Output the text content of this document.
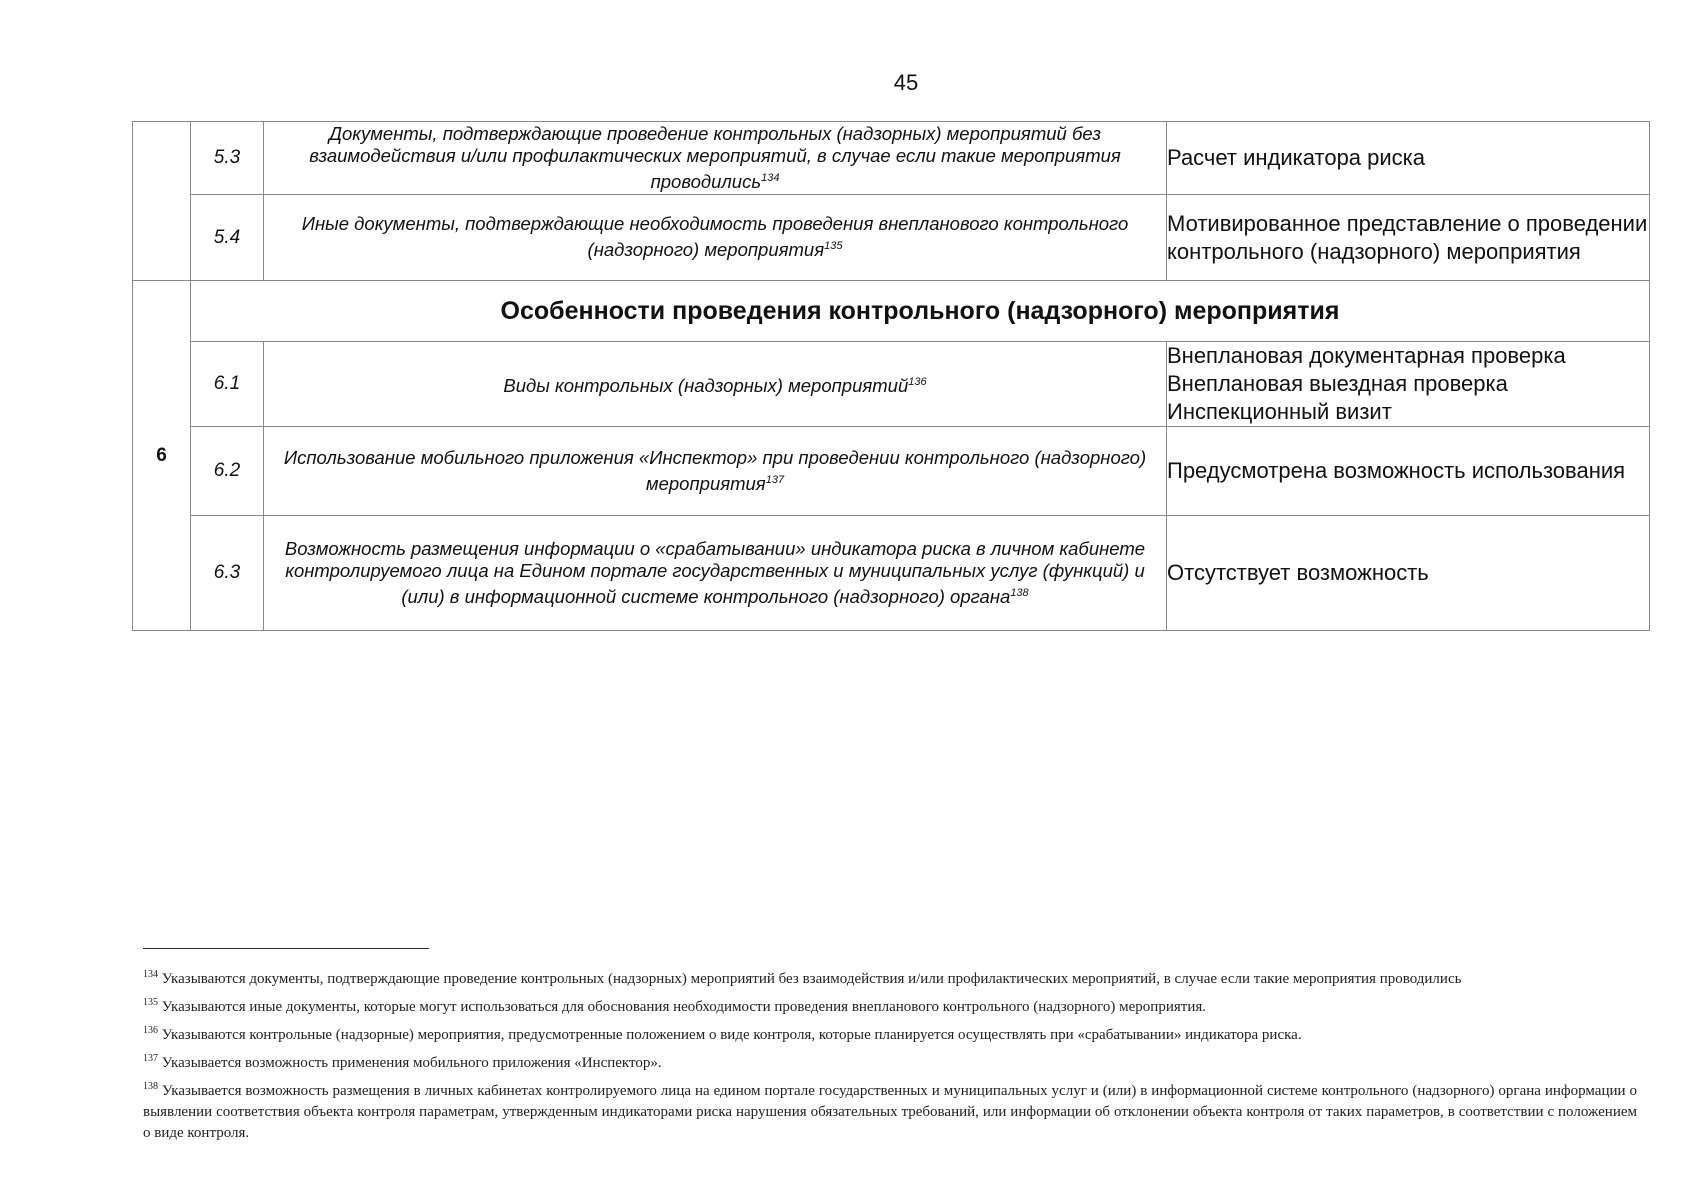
45
	5.3	Документы, подтверждающие проведение контрольных (надзорных) мероприятий без взаимодействия и/или профилактических мероприятий, в случае если такие мероприятия проводились$^{134}$	Расчет индикатора риска
	5.4	Иные документы, подтверждающие необходимость проведения внепланового контрольного (надзорного) мероприятия$^{135}$	Мотивированное представление о проведении контрольного (надзорного) мероприятия
6	Особенности проведения контрольного (надзорного) мероприятия		
	6.1	Виды контрольных (надзорных) мероприятий$^{136}$	Внеплановая документарная проверка
Внеплановая выездная проверка
Инспекционный визит
	6.2	Использование мобильного приложения «Инспектор» при проведении контрольного (надзорного) мероприятия$^{137}$	Предусмотрена возможность использования
	6.3	Возможность размещения информации о «срабатывании» индикатора риска в личном кабинете контролируемого лица на Едином портале государственных и муниципальных услуг (функций) и (или) в информационной системе контрольного (надзорного) органа$^{138}$	Отсутствует возможность

$^{134}$ Указываются документы, подтверждающие проведение контрольных (надзорных) мероприятий без взаимодействия и/или профилактических мероприятий, в случае если такие мероприятия проводились

$^{135}$ Указываются иные документы, которые могут использоваться для обоснования необходимости проведения внепланового контрольного (надзорного) мероприятия.

$^{136}$ Указываются контрольные (надзорные) мероприятия, предусмотренные положением о виде контроля, которые планируется осуществлять при «срабатывании» индикатора риска.

$^{137}$ Указывается возможность применения мобильного приложения «Инспектор».

$^{138}$ Указывается возможность размещения в личных кабинетах контролируемого лица на едином портале государственных и муниципальных услуг и (или) в информационной системе контрольного (надзорного) органа информации о выявлении соответствия объекта контроля параметрам, утвержденным индикаторами риска нарушения обязательных требований, или информации об отклонении объекта контроля от таких параметров, в соответствии с положением о виде контроля.
